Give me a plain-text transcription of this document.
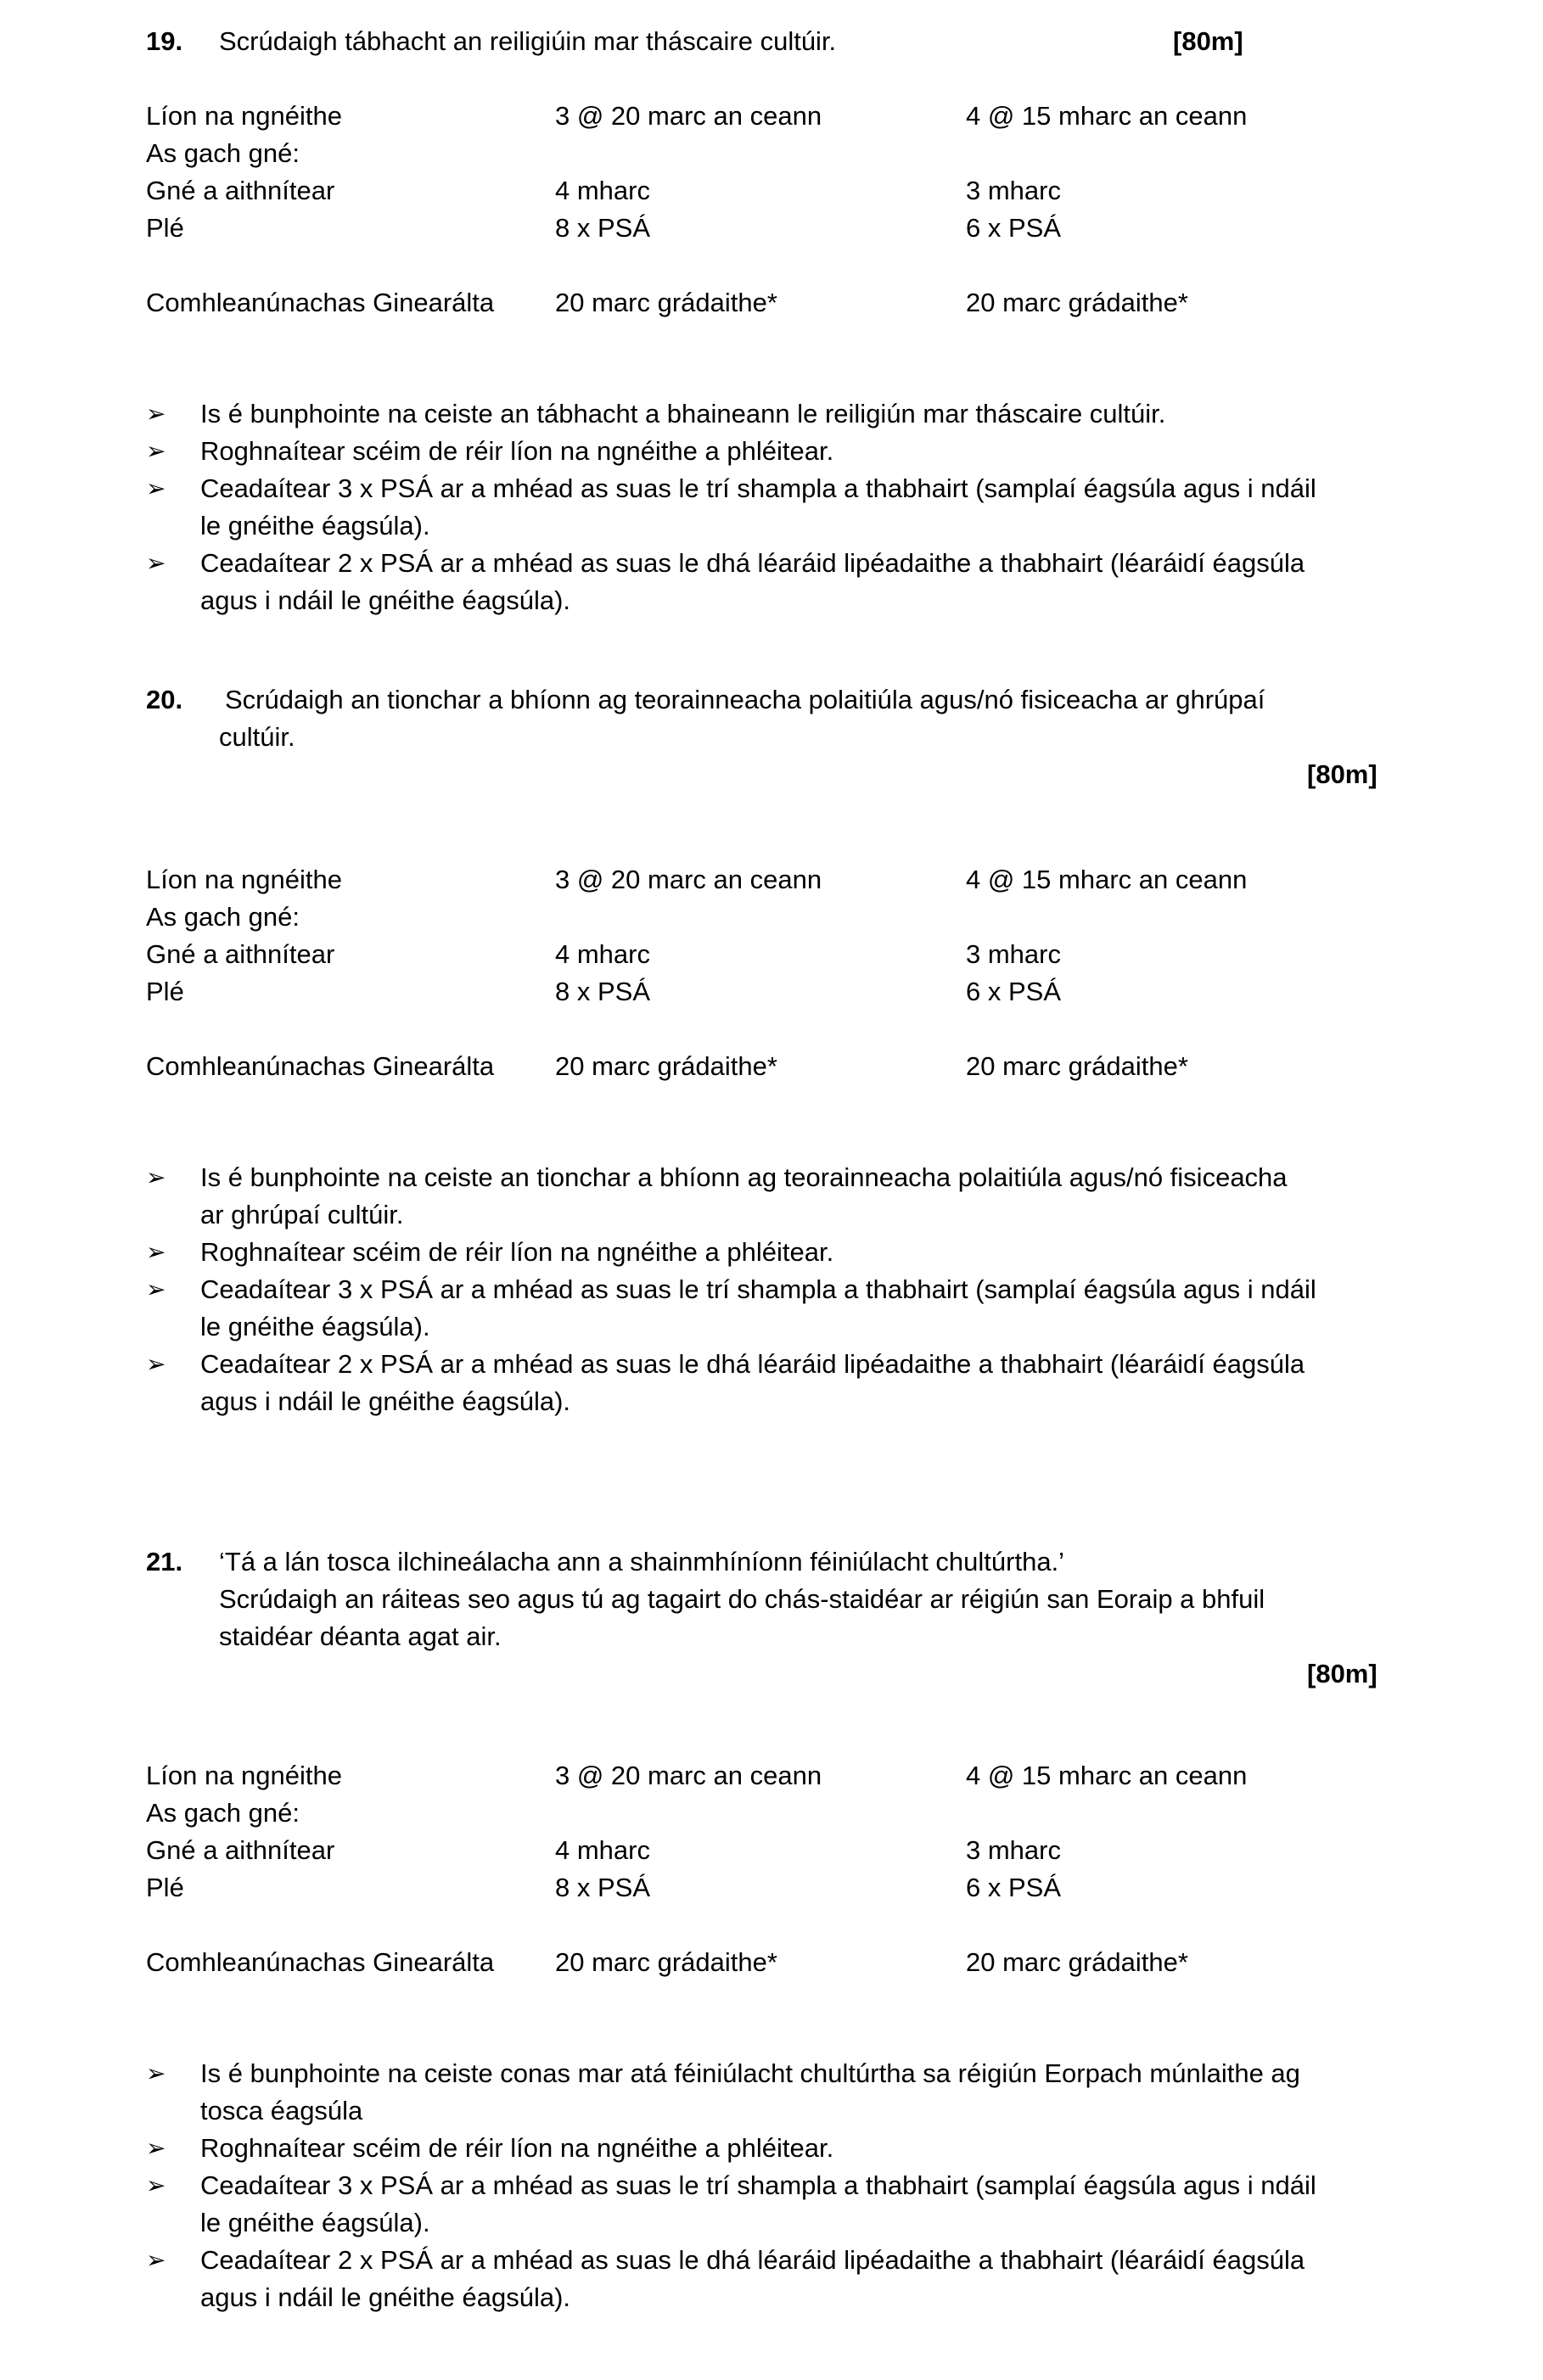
19. Scrúdaigh tábhacht an reiligiúin mar tháscaire cultúir.	[80m]
Líon na ngnéithe	3 @ 20 marc an ceann	4 @ 15 mharc an ceann
As gach gné:
Gné a aithnítear	4 mharc	3 mharc
Plé	8 x PSÁ	6 x PSÁ
Comhleanúnachas Ginearálta 20 marc grádaithe*	20 marc grádaithe*
➢ Is é bunphointe na ceiste an tábhacht a bhaineann le reiligiún mar tháscaire cultúir.
➢ Roghnaítear scéim de réir líon na ngnéithe a phléitear.
➢ Ceadaítear 3 x PSÁ ar a mhéad as suas le trí shampla a thabhairt (samplaí éagsúla agus i ndáil
le gnéithe éagsúla).
➢ Ceadaítear 2 x PSÁ ar a mhéad as suas le dhá léaráid lipéadaithe a thabhairt (léaráidí éagsúla
agus i ndáil le gnéithe éagsúla).
20. Scrúdaigh an tionchar a bhíonn ag teorainneacha polaitiúla agus/nó fisiceacha ar ghrúpaí
cultúir.
[80m]
Líon na ngnéithe	3 @ 20 marc an ceann	4 @ 15 mharc an ceann
As gach gné:
Gné a aithnítear	4 mharc	3 mharc
Plé	8 x PSÁ	6 x PSÁ
Comhleanúnachas Ginearálta 20 marc grádaithe*	20 marc grádaithe*
➢ Is é bunphointe na ceiste an tionchar a bhíonn ag teorainneacha polaitiúla agus/nó fisiceacha
ar ghrúpaí cultúir.
➢ Roghnaítear scéim de réir líon na ngnéithe a phléitear.
➢ Ceadaítear 3 x PSÁ ar a mhéad as suas le trí shampla a thabhairt (samplaí éagsúla agus i ndáil
le gnéithe éagsúla).
➢ Ceadaítear 2 x PSÁ ar a mhéad as suas le dhá léaráid lipéadaithe a thabhairt (léaráidí éagsúla
agus i ndáil le gnéithe éagsúla).
21. ‘Tá a lán tosca ilchineálacha ann a shainmhíníonn féiniúlacht chultúrtha.’
Scrúdaigh an ráiteas seo agus tú ag tagairt do chás-staidéar ar réigiún san Eoraip a bhfuil
staidéar déanta agat air.
[80m]
Líon na ngnéithe	3 @ 20 marc an ceann	4 @ 15 mharc an ceann
As gach gné:
Gné a aithnítear	4 mharc	3 mharc
Plé	8 x PSÁ	6 x PSÁ
Comhleanúnachas Ginearálta 20 marc grádaithe*	20 marc grádaithe*
➢ Is é bunphointe na ceiste conas mar atá féiniúlacht chultúrtha sa réigiún Eorpach múnlaithe ag
tosca éagsúla
➢ Roghnaítear scéim de réir líon na ngnéithe a phléitear.
➢ Ceadaítear 3 x PSÁ ar a mhéad as suas le trí shampla a thabhairt (samplaí éagsúla agus i ndáil
le gnéithe éagsúla).
➢ Ceadaítear 2 x PSÁ ar a mhéad as suas le dhá léaráid lipéadaithe a thabhairt (léaráidí éagsúla
agus i ndáil le gnéithe éagsúla).
